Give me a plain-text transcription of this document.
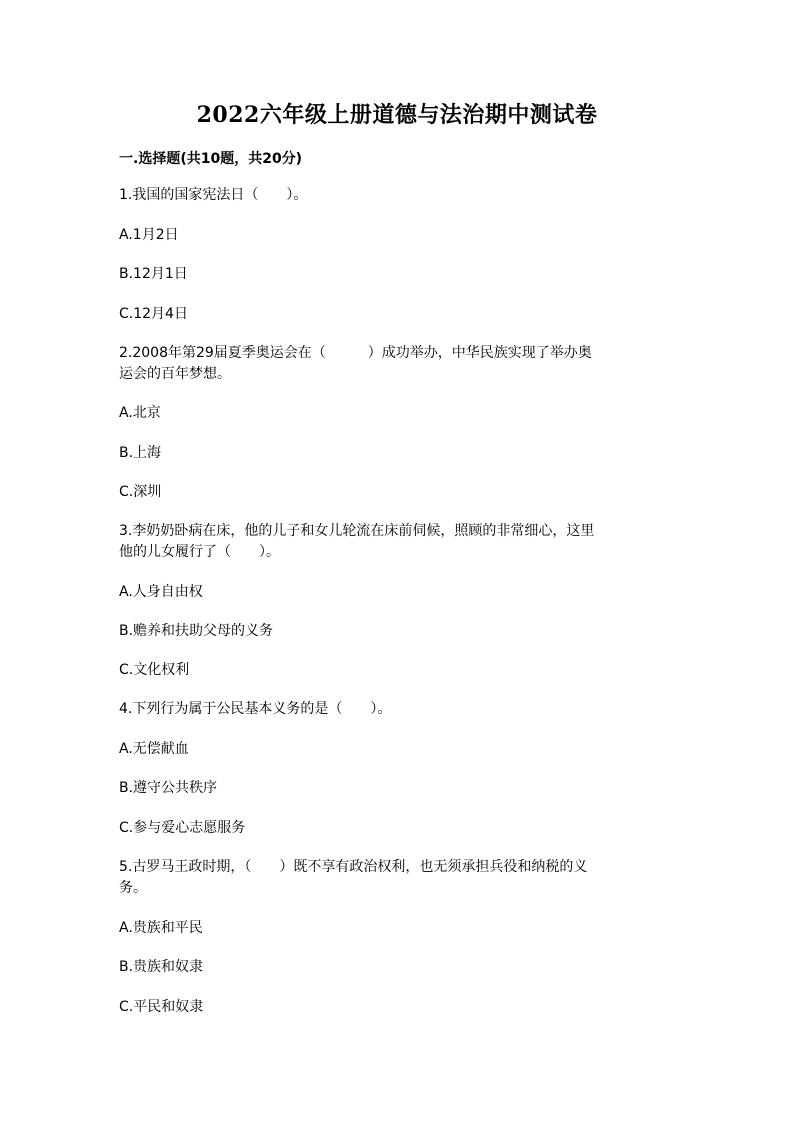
2022六年级上册道德与法治期中测试卷
一.选择题(共10题，共20分)
1.我国的国家宪法日（　　）。
A.1月2日
B.12月1日
C.12月4日
2.2008年第29届夏季奥运会在（　　　）成功举办，中华民族实现了举办奥
运会的百年梦想。
A.北京
B.上海
C.深圳
3.李奶奶卧病在床，他的儿子和女儿轮流在床前伺候，照顾的非常细心，这里
他的儿女履行了（　　）。
A.人身自由权
B.赡养和扶助父母的义务
C.文化权利
4.下列行为属于公民基本义务的是（　　）。
A.无偿献血
B.遵守公共秩序
C.参与爱心志愿服务
5.古罗马王政时期，（　　）既不享有政治权利，也无须承担兵役和纳税的义
务。
A.贵族和平民
B.贵族和奴隶
C.平民和奴隶
